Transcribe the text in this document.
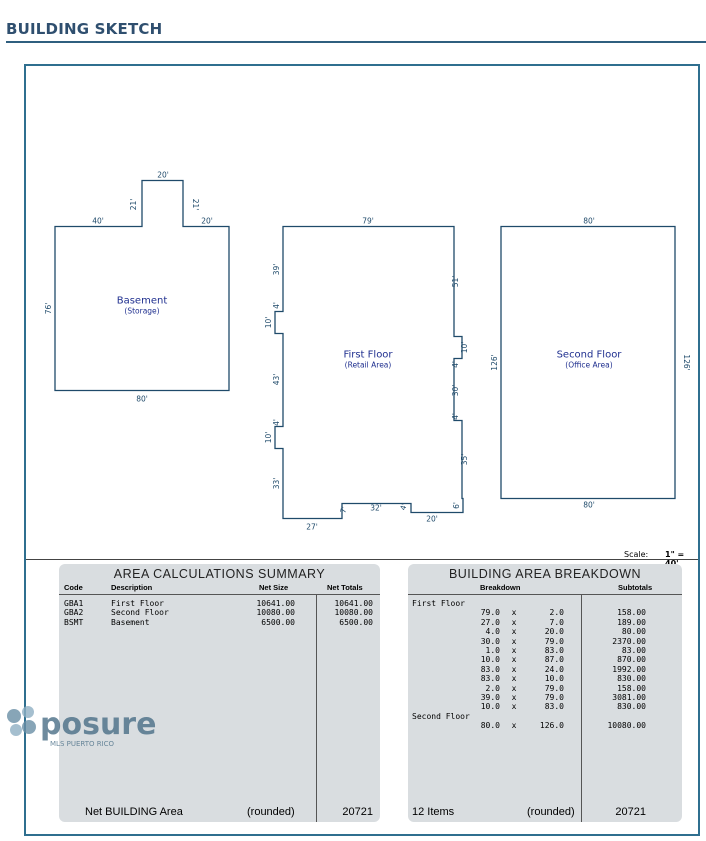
BUILDING SKETCH
40'
20'
21'	21'
20'
76'
80'
79'
39'
4'
10'
43'
4'
10'
33'
51'
10'
4'
30'
4'
35'
6'
27'
7'	32' 4'
20'
80'
80'
126'	126'
Basement
(Storage)
First Floor
(Retail Area)
Second Floor
(Office Area)
Scale: 1" =
AREA CALCULATIONS SUMMARY
Code	Description	Net Size	Net Totals
GBA1	First Floor	10641.00	10641.00
GBA2	Second Floor	10080.00	10080.00
BSMT	Basement	6500.00	6500.00
Net BUILDING Area	(rounded)	20721
BUILDING AREA BREAKDOWN
Breakdown	Subtotals
First Floor
79.0 x	2.0	158.00
27.0 x	7.0	189.00
4.0 x	20.0	80.00
30.0 x	79.0	2370.00
1.0 x	83.0	83.00
10.0 x	87.0	870.00
83.0 x	24.0	1992.00
83.0 x	10.0	830.00
2.0 x	79.0	158.00
39.0 x	79.0	3081.00
10.0 x	83.0	830.00
Second Floor
80.0 x	126.0	10080.00
12 Items	(rounded)	20721
posure
MLS PUERTO RICO
